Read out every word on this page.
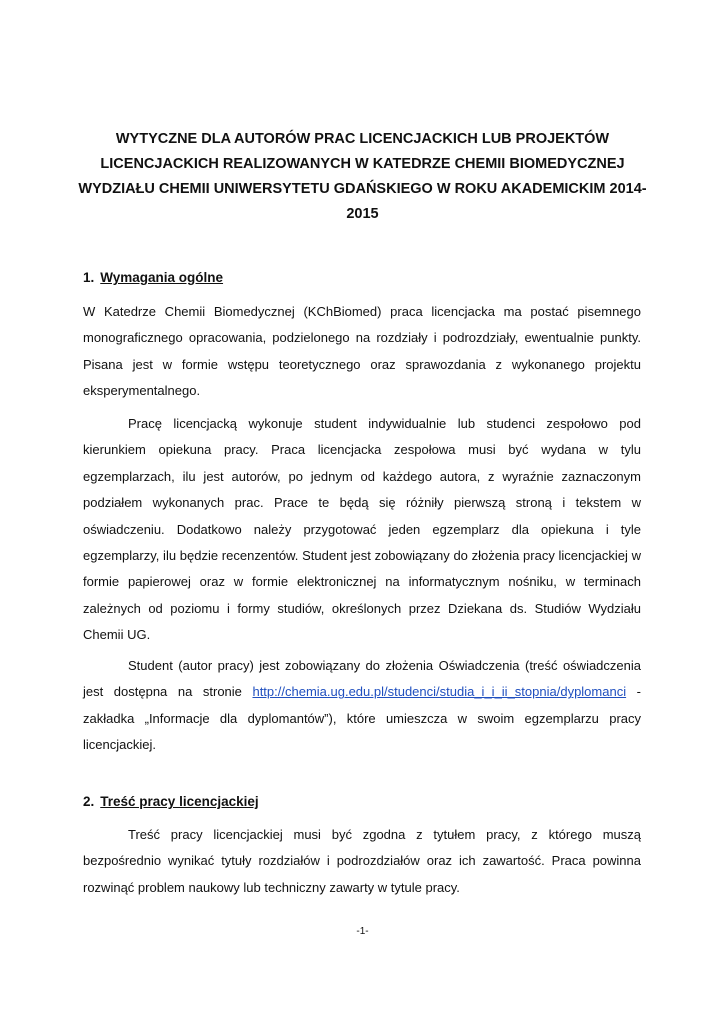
WYTYCZNE DLA AUTORÓW PRAC LICENCJACKICH LUB PROJEKTÓW LICENCJACKICH REALIZOWANYCH W KATEDRZE CHEMII BIOMEDYCZNEJ WYDZIAŁU CHEMII UNIWERSYTETU GDAŃSKIEGO W ROKU AKADEMICKIM 2014-2015
1. Wymagania ogólne

W Katedrze Chemii Biomedycznej (KChBiomed) praca licencjacka ma postać pisemnego monograficznego opracowania, podzielonego na rozdziały i podrozdziały, ewentualnie punkty. Pisana jest w formie wstępu teoretycznego oraz sprawozdania z wykonanego projektu eksperymentalnego.

Pracę licencjacką wykonuje student indywidualnie lub studenci zespołowo pod kierunkiem opiekuna pracy. Praca licencjacka zespołowa musi być wydana w tylu egzemplarzach, ilu jest autorów, po jednym od każdego autora, z wyraźnie zaznaczonym podziałem wykonanych prac. Prace te będą się różniły pierwszą stroną i tekstem w oświadczeniu. Dodatkowo należy przygotować jeden egzemplarz dla opiekuna i tyle egzemplarzy, ilu będzie recenzentów. Student jest zobowiązany do złożenia pracy licencjackiej w formie papierowej oraz w formie elektronicznej na informatycznym nośniku, w terminach zależnych od poziomu i formy studiów, określonych przez Dziekana ds. Studiów Wydziału Chemii UG.

Student (autor pracy) jest zobowiązany do złożenia Oświadczenia (treść oświadczenia jest dostępna na stronie http://chemia.ug.edu.pl/studenci/studia_i_i_ii_stopnia/dyplomanci - zakładka „Informacje dla dyplomantów”), które umieszcza w swoim egzemplarzu pracy licencjackiej.

2. Treść pracy licencjackiej

Treść pracy licencjackiej musi być zgodna z tytułem pracy, z którego muszą bezpośrednio wynikać tytuły rozdziałów i podrozdziałów oraz ich zawartość. Praca powinna rozwinąć problem naukowy lub techniczny zawarty w tytule pracy.

-1-
